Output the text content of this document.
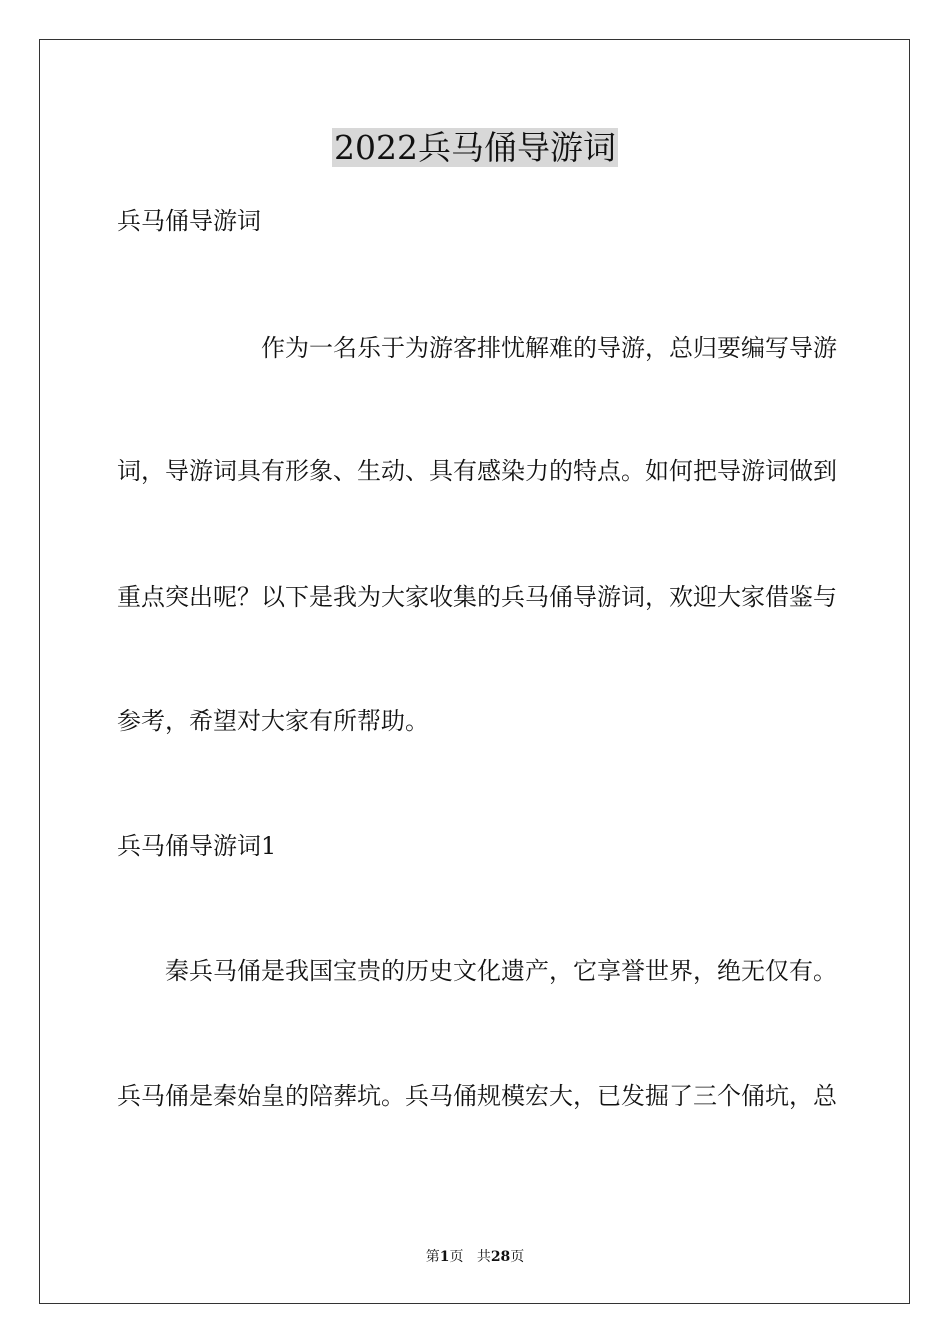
2022兵马俑导游词
兵马俑导游词
作为一名乐于为游客排忧解难的导游，总归要编写导游
词，导游词具有形象、生动、具有感染力的特点。如何把导游词做到
重点突出呢？以下是我为大家收集的兵马俑导游词，欢迎大家借鉴与
参考，希望对大家有所帮助。
兵马俑导游词1
秦兵马俑是我国宝贵的历史文化遗产，它享誉世界，绝无仅有。
兵马俑是秦始皇的陪葬坑。兵马俑规模宏大，已发掘了三个俑坑，总
第1页 共28页
